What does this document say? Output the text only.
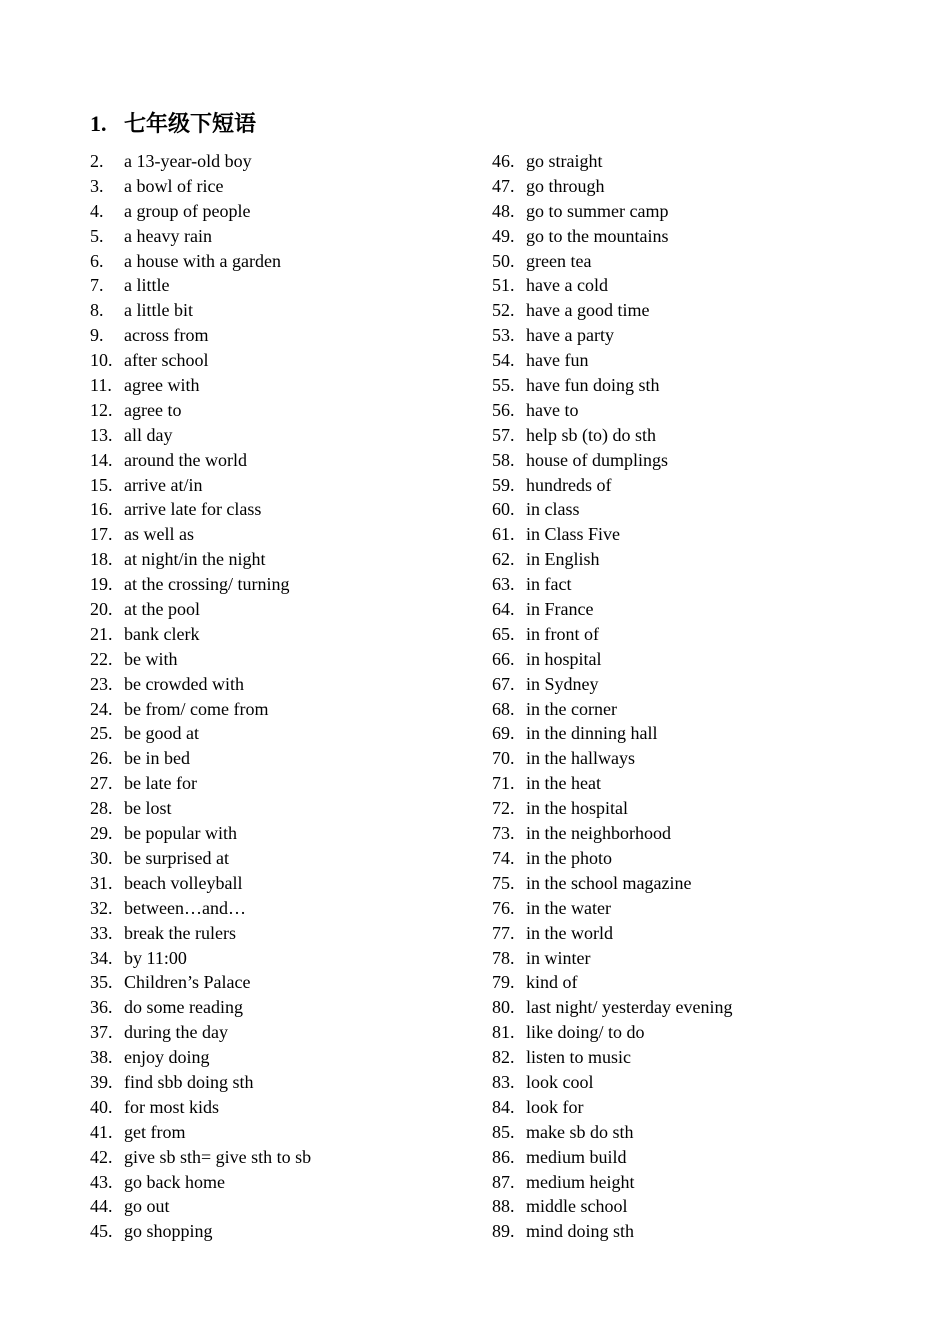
1. 七年级下短语
2. a 13-year-old boy
3. a bowl of rice
4. a group of people
5. a heavy rain
6. a house with a garden
7. a little
8. a little bit
9. across from
10. after school
11. agree with
12. agree to
13. all day
14. around the world
15. arrive at/in
16. arrive late for class
17. as well as
18. at night/in the night
19. at the crossing/ turning
20. at the pool
21. bank clerk
22. be with
23. be crowded with
24. be from/ come from
25. be good at
26. be in bed
27. be late for
28. be lost
29. be popular with
30. be surprised at
31. beach volleyball
32. between…and…
33. break the rulers
34. by 11:00
35. Children’s Palace
36. do some reading
37. during the day
38. enjoy doing
39. find sbb doing sth
40. for most kids
41. get from
42. give sb sth= give sth to sb
43. go back home
44. go out
45. go shopping
46. go straight
47. go through
48. go to summer camp
49. go to the mountains
50. green tea
51. have a cold
52. have a good time
53. have a party
54. have fun
55. have fun doing sth
56. have to
57. help sb (to) do sth
58. house of dumplings
59. hundreds of
60. in class
61. in Class Five
62. in English
63. in fact
64. in France
65. in front of
66. in hospital
67. in Sydney
68. in the corner
69. in the dinning hall
70. in the hallways
71. in the heat
72. in the hospital
73. in the neighborhood
74. in the photo
75. in the school magazine
76. in the water
77. in the world
78. in winter
79. kind of
80. last night/ yesterday evening
81. like doing/ to do
82. listen to music
83. look cool
84. look for
85. make sb do sth
86. medium build
87. medium height
88. middle school
89. mind doing sth
